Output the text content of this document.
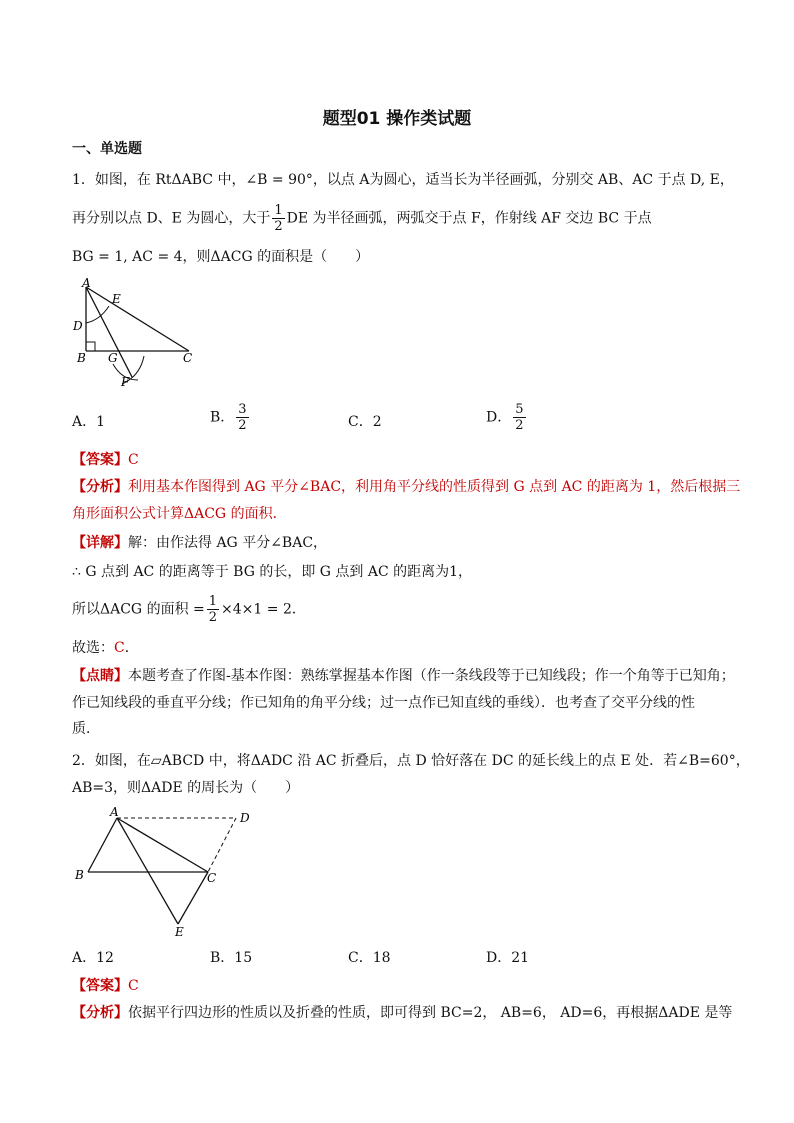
题型01 操作类试题
一、单选题
1．如图，在 RtΔABC 中，∠B = 90°，以点 A为圆心，适当长为半径画弧，分别交 AB、AC 于点 D, E，
再分别以点 D、E 为圆心，大于 $\frac{1}{2}$ DE 为半径画弧，两弧交于点 F，作射线 AF 交边 BC 于点
BG = 1, AC = 4，则ΔACG 的面积是（　　）
A
E
D
B G	C
F
A．1	B． $\frac{3}{2}$	C．2	D． $\frac{5}{2}$
【答案】C
【分析】利用基本作图得到 AG 平分∠BAC，利用角平分线的性质得到 G 点到 AC 的距离为 1，然后根据三
角形面积公式计算ΔACG 的面积．
【详解】解：由作法得 AG 平分∠BAC，
∴ G 点到 AC 的距离等于 BG 的长，即 G 点到 AC 的距离为1，
所以ΔACG 的面积 = $\frac{1}{2} \times 4\times 1 = 2$．
故选：C．
【点睛】本题考查了作图-基本作图：熟练掌握基本作图（作一条线段等于已知线段；作一个角等于已知角；
作已知线段的垂直平分线；作已知角的角平分线；过一点作已知直线的垂线）．也考查了交平分线的性
质．
2．如图，在▱ABCD 中，将ΔADC 沿 AC 折叠后，点 D 恰好落在 DC 的延长线上的点 E 处．若∠B=60°，
AB=3，则ΔADE 的周长为（　　）
A	D
B	C
E
A．12	B．15	C．18	D．21
【答案】C
【分析】依据平行四边形的性质以及折叠的性质，即可得到 BC=2， AB=6， AD=6，再根据ΔADE 是等
